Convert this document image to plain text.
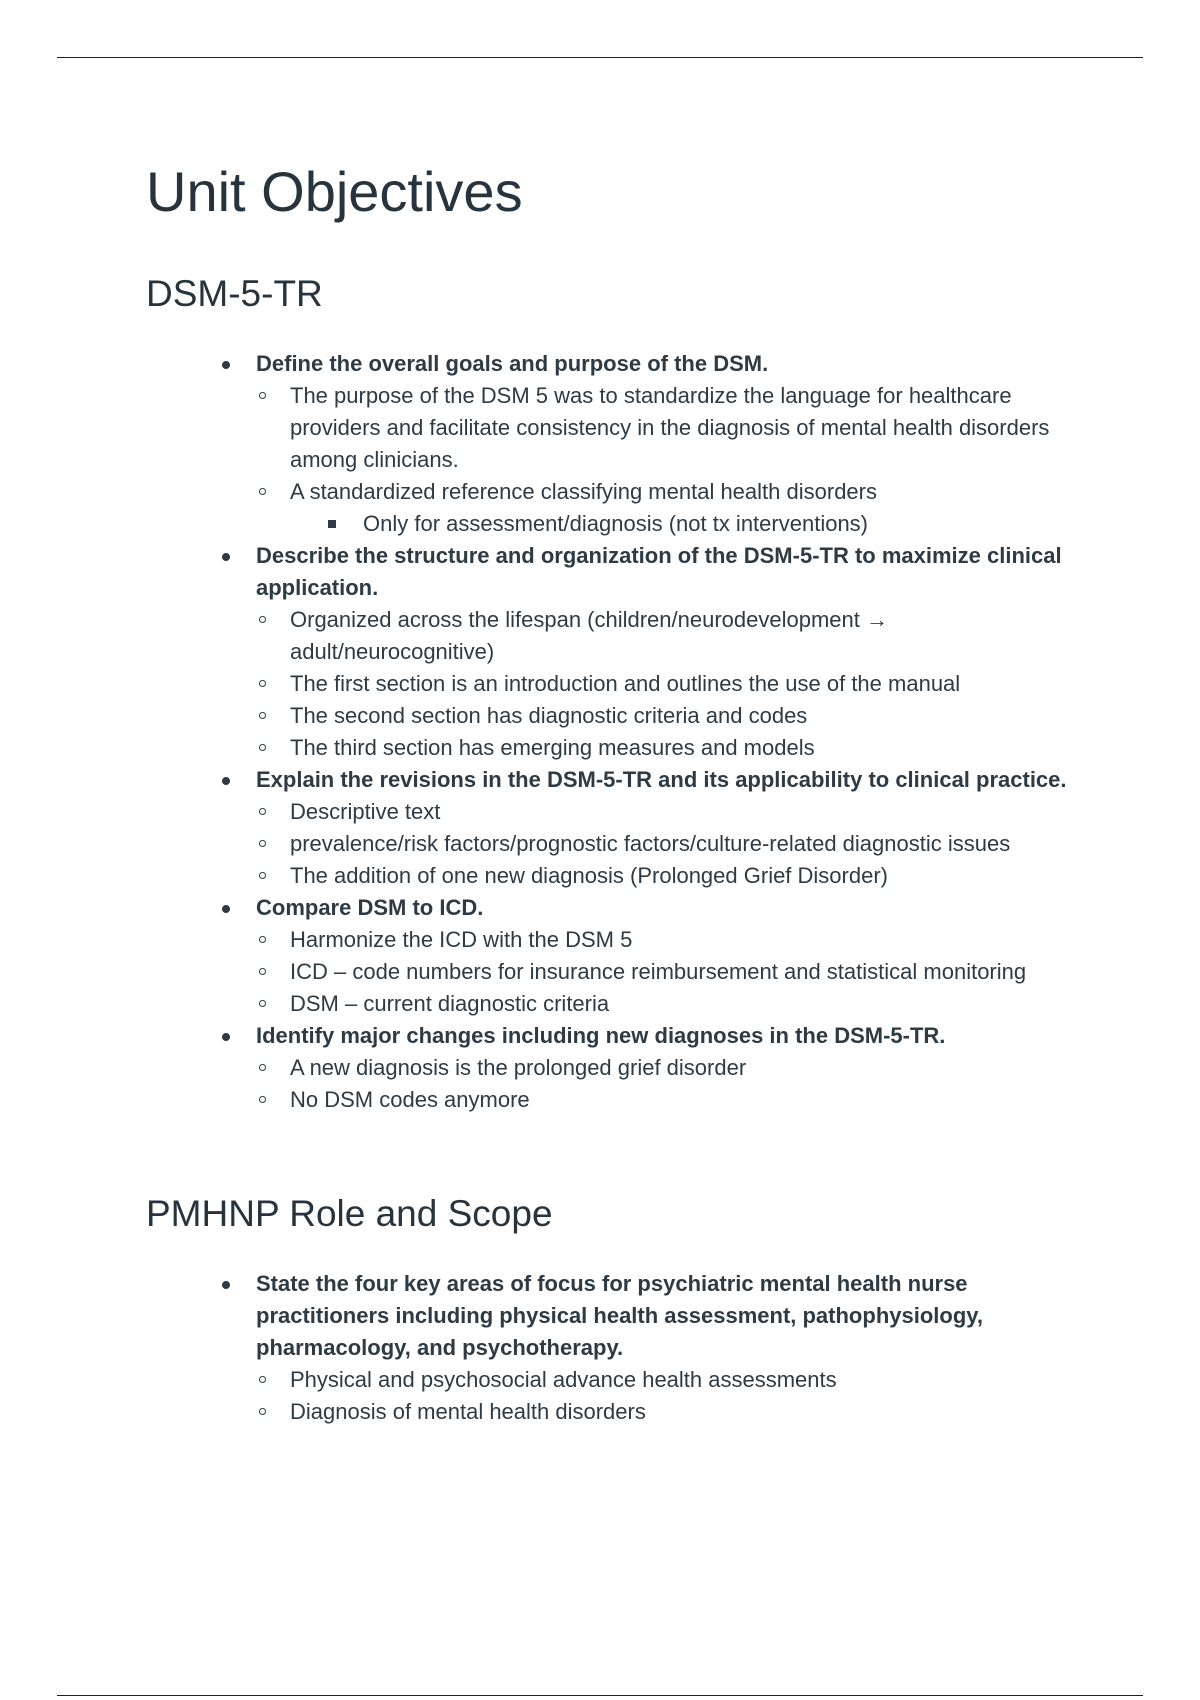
Unit Objectives
DSM-5-TR
Define the overall goals and purpose of the DSM.
The purpose of the DSM 5 was to standardize the language for healthcare providers and facilitate consistency in the diagnosis of mental health disorders among clinicians.
A standardized reference classifying mental health disorders
Only for assessment/diagnosis (not tx interventions)
Describe the structure and organization of the DSM-5-TR to maximize clinical application.
Organized across the lifespan (children/neurodevelopment → adult/neurocognitive)
The first section is an introduction and outlines the use of the manual
The second section has diagnostic criteria and codes
The third section has emerging measures and models
Explain the revisions in the DSM-5-TR and its applicability to clinical practice.
Descriptive text
prevalence/risk factors/prognostic factors/culture-related diagnostic issues
The addition of one new diagnosis (Prolonged Grief Disorder)
Compare DSM to ICD.
Harmonize the ICD with the DSM 5
ICD – code numbers for insurance reimbursement and statistical monitoring
DSM – current diagnostic criteria
Identify major changes including new diagnoses in the DSM-5-TR.
A new diagnosis is the prolonged grief disorder
No DSM codes anymore
PMHNP Role and Scope
State the four key areas of focus for psychiatric mental health nurse practitioners including physical health assessment, pathophysiology, pharmacology, and psychotherapy.
Physical and psychosocial advance health assessments
Diagnosis of mental health disorders
